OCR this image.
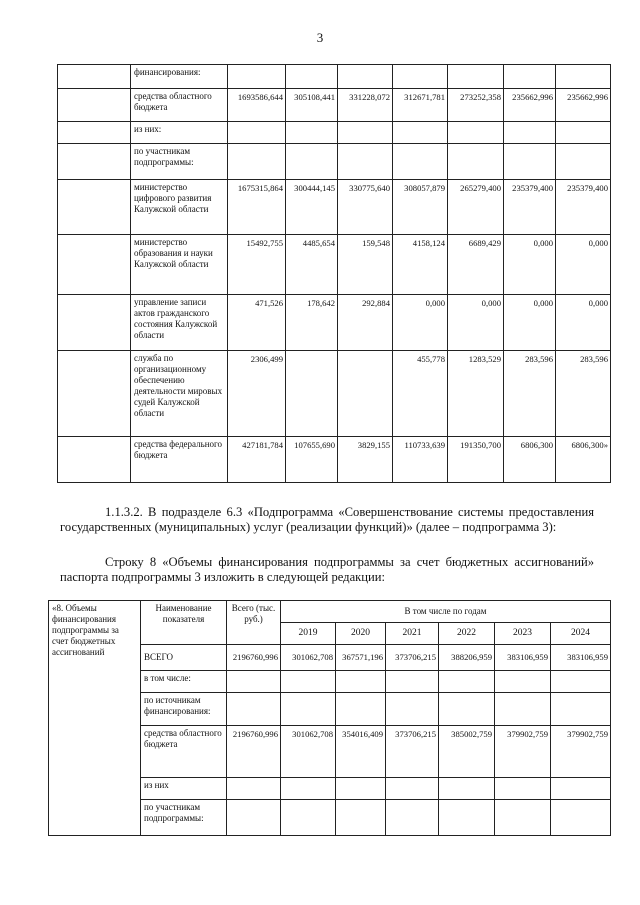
3
	финансирования:							
	средства областного бюджета	1693586,644	305108,441	331228,072	312671,781	273252,358	235662,996	235662,996
	из них:							
	по участникам подпрограммы:							
	министерство цифрового развития Калужской области	1675315,864	300444,145	330775,640	308057,879	265279,400	235379,400	235379,400
	министерство образования и науки Калужской области	15492,755	4485,654	159,548	4158,124	6689,429	0,000	0,000
	управление записи актов гражданского состояния Калужской области	471,526	178,642	292,884	0,000	0,000	0,000	0,000
	служба по организационному обеспечению деятельности мировых судей Калужской области	2306,499			455,778	1283,529	283,596	283,596
	средства федерального бюджета	427181,784	107655,690	3829,155	110733,639	191350,700	6806,300	6806,300»
1.1.3.2. В подразделе 6.3 «Подпрограмма «Совершенствование системы предоставления государственных (муниципальных) услуг (реализации функций)» (далее – подпрограмма 3):
Строку 8 «Объемы финансирования подпрограммы за счет бюджетных ассигнований» паспорта подпрограммы 3 изложить в следующей редакции:
«8. Объемы финансирования подпрограммы за счет бюджетных ассигнований	Наименование показателя	Всего (тыс. руб.)	В том числе по годам					
			2019	2020	2021	2022	2023	2024
	ВСЕГО	2196760,996	301062,708	367571,196	373706,215	388206,959	383106,959	383106,959
	в том числе:							
	по источникам финансирования:							
	средства областного бюджета	2196760,996	301062,708	354016,409	373706,215	385002,759	379902,759	379902,759
	из них							
	по участникам подпрограммы:							
